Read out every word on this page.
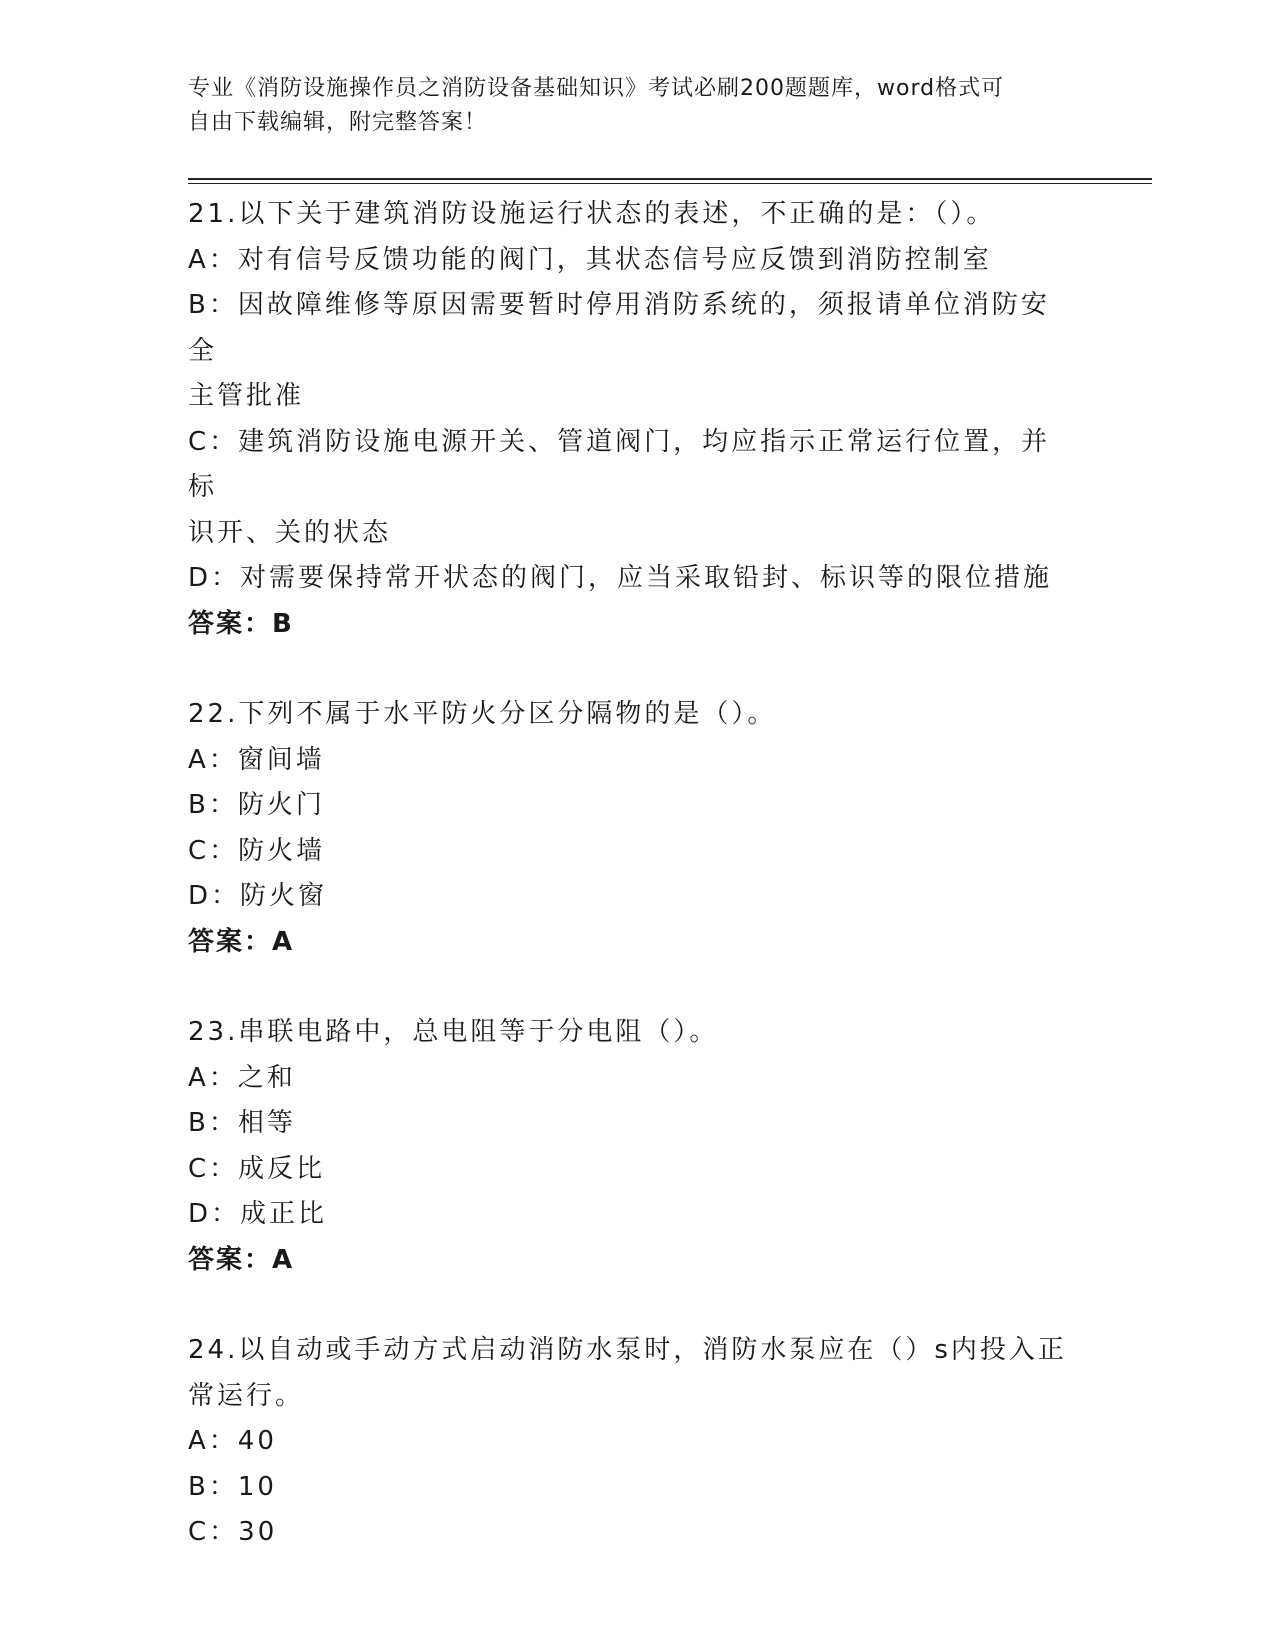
专业《消防设施操作员之消防设备基础知识》考试必刷200题题库，word格式可
自由下载编辑，附完整答案！
21.以下关于建筑消防设施运行状态的表述，不正确的是：（）。
A：对有信号反馈功能的阀门，其状态信号应反馈到消防控制室
B：因故障维修等原因需要暂时停用消防系统的，须报请单位消防安全
主管批准
C：建筑消防设施电源开关、管道阀门，均应指示正常运行位置，并标
识开、关的状态
D：对需要保持常开状态的阀门，应当采取铅封、标识等的限位措施
答案：B
22.下列不属于水平防火分区分隔物的是（）。
A：窗间墙
B：防火门
C：防火墙
D：防火窗
答案：A
23.串联电路中，总电阻等于分电阻（）。
A：之和
B：相等
C：成反比
D：成正比
答案：A
24.以自动或手动方式启动消防水泵时，消防水泵应在（）s内投入正
常运行。
A：40
B：10
C：30
